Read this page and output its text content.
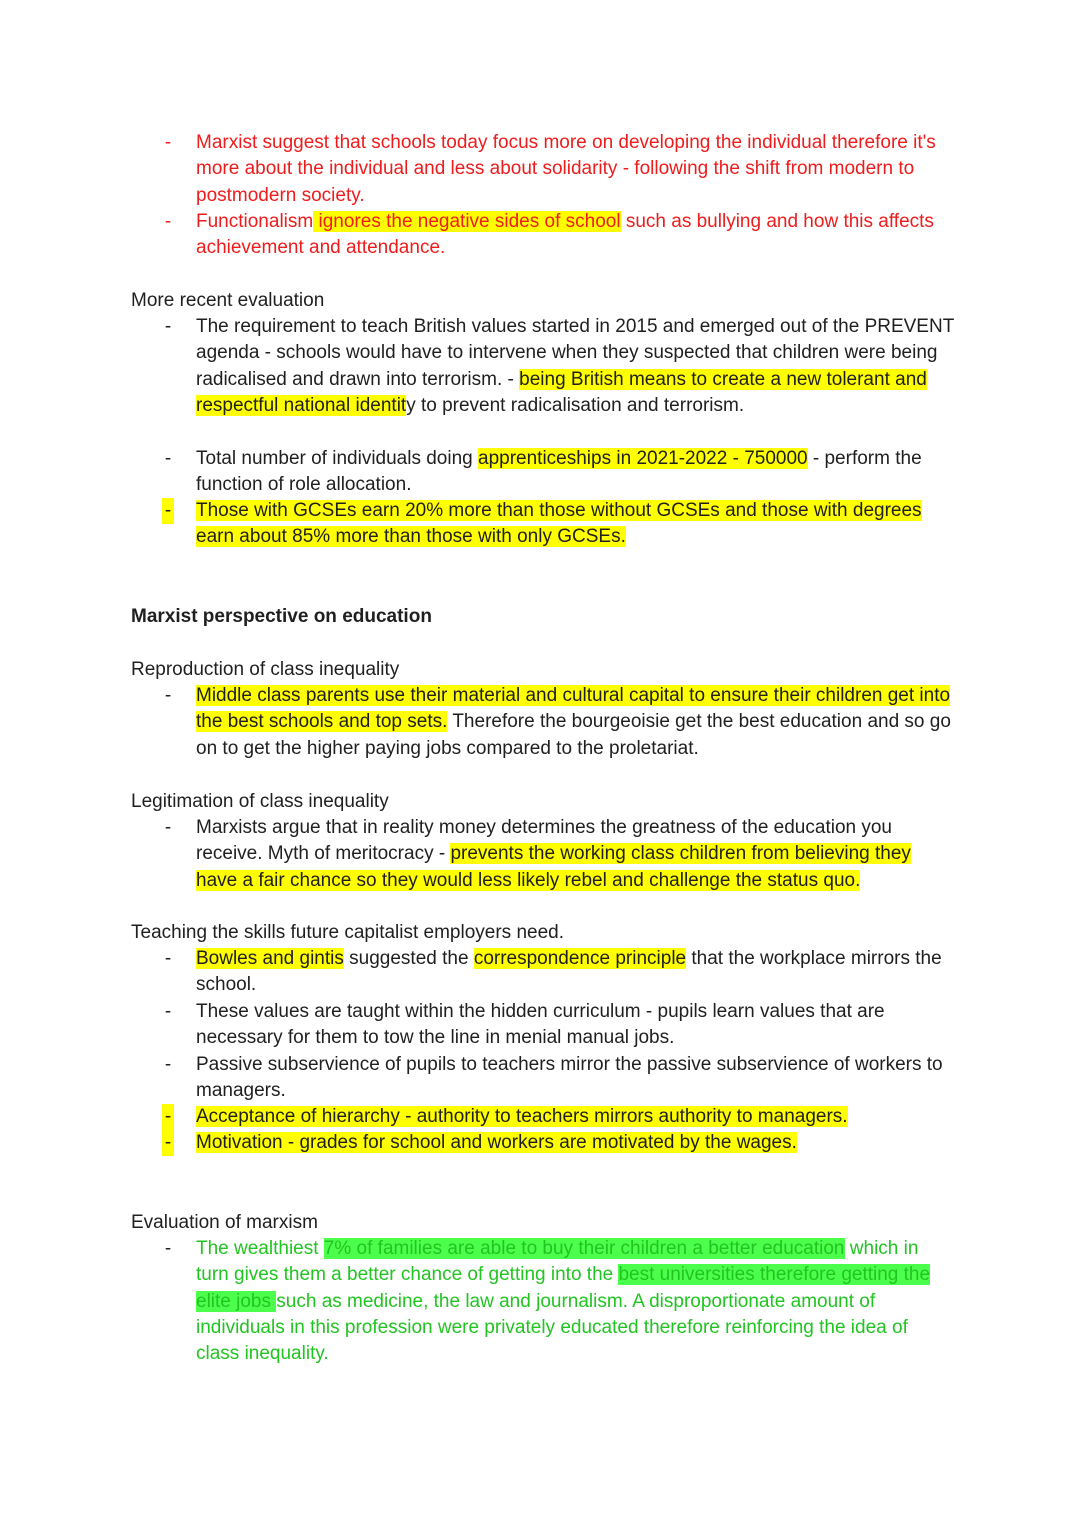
- Marxist suggest that schools today focus more on developing the individual therefore it's more about the individual and less about solidarity - following the shift from modern to postmodern society.
- Functionalism ignores the negative sides of school such as bullying and how this affects achievement and attendance.
More recent evaluation
- The requirement to teach British values started in 2015 and emerged out of the PREVENT agenda - schools would have to intervene when they suspected that children were being radicalised and drawn into terrorism. - being British means to create a new tolerant and respectful national identity to prevent radicalisation and terrorism.
- Total number of individuals doing apprenticeships in 2021-2022 - 750000 - perform the function of role allocation.
- Those with GCSEs earn 20% more than those without GCSEs and those with degrees earn about 85% more than those with only GCSEs.
Marxist perspective on education
Reproduction of class inequality
- Middle class parents use their material and cultural capital to ensure their children get into the best schools and top sets. Therefore the bourgeoisie get the best education and so go on to get the higher paying jobs compared to the proletariat.
Legitimation of class inequality
- Marxists argue that in reality money determines the greatness of the education you receive. Myth of meritocracy - prevents the working class children from believing they have a fair chance so they would less likely rebel and challenge the status quo.
Teaching the skills future capitalist employers need.
- Bowles and gintis suggested the correspondence principle that the workplace mirrors the school.
- These values are taught within the hidden curriculum - pupils learn values that are necessary for them to tow the line in menial manual jobs.
- Passive subservience of pupils to teachers mirror the passive subservience of workers to managers.
- Acceptance of hierarchy - authority to teachers mirrors authority to managers.
- Motivation - grades for school and workers are motivated by the wages.
Evaluation of marxism
- The wealthiest 7% of families are able to buy their children a better education which in turn gives them a better chance of getting into the best universities therefore getting the elite jobs such as medicine, the law and journalism. A disproportionate amount of individuals in this profession were privately educated therefore reinforcing the idea of class inequality.
